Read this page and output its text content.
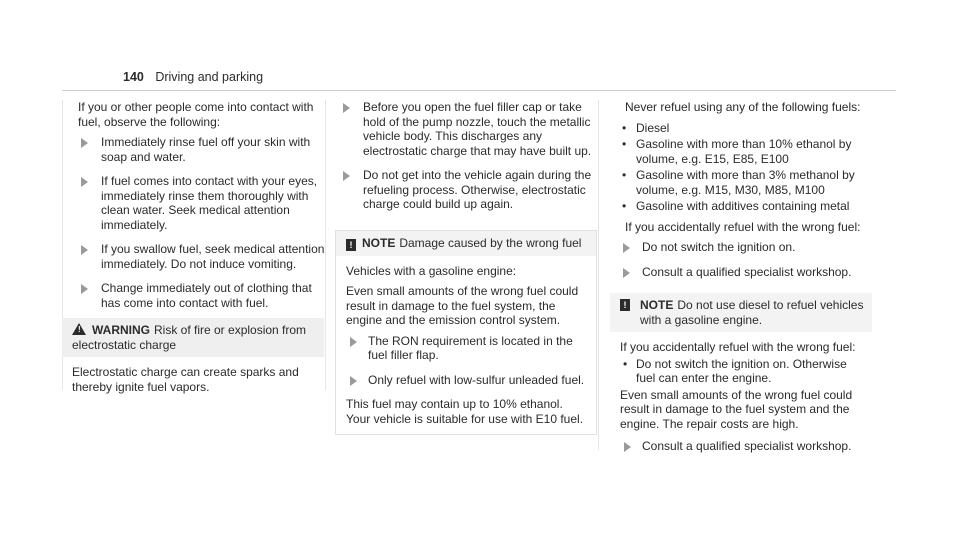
140 Driving and parking

If you or other people come into contact with fuel, observe the following:

Immediately rinse fuel off your skin with soap and water.
If fuel comes into contact with your eyes, immediately rinse them thoroughly with clean water. Seek medical attention immediately.
If you swallow fuel, seek medical attention immediately. Do not induce vomiting.
Change immediately out of clothing that has come into contact with fuel.
! WARNING Risk of fire or explosion from electrostatic charge

Electrostatic charge can create sparks and thereby ignite fuel vapors.

Before you open the fuel filler cap or take hold of the pump nozzle, touch the metallic vehicle body. This discharges any electrostatic charge that may have built up.
Do not get into the vehicle again during the refueling process. Otherwise, electrostatic charge could build up again.
! NOTE Damage caused by the wrong fuel

Vehicles with a gasoline engine:

Even small amounts of the wrong fuel could result in damage to the fuel system, the engine and the emission control system.

The RON requirement is located in the fuel filler flap.
Only refuel with low-sulfur unleaded fuel.

This fuel may contain up to 10% ethanol. Your vehicle is suitable for use with E10 fuel.

Never refuel using any of the following fuels:

• Diesel
• Gasoline with more than 10% ethanol by volume, e.g. E15, E85, E100
• Gasoline with more than 3% methanol by volume, e.g. M15, M30, M85, M100
• Gasoline with additives containing metal

If you accidentally refuel with the wrong fuel:

Do not switch the ignition on.
Consult a qualified specialist workshop.
! NOTE Do not use diesel to refuel vehicles with a gasoline engine.

If you accidentally refuel with the wrong fuel:

• Do not switch the ignition on. Otherwise fuel can enter the engine.

Even small amounts of the wrong fuel could result in damage to the fuel system and the engine. The repair costs are high.

Consult a qualified specialist workshop.
